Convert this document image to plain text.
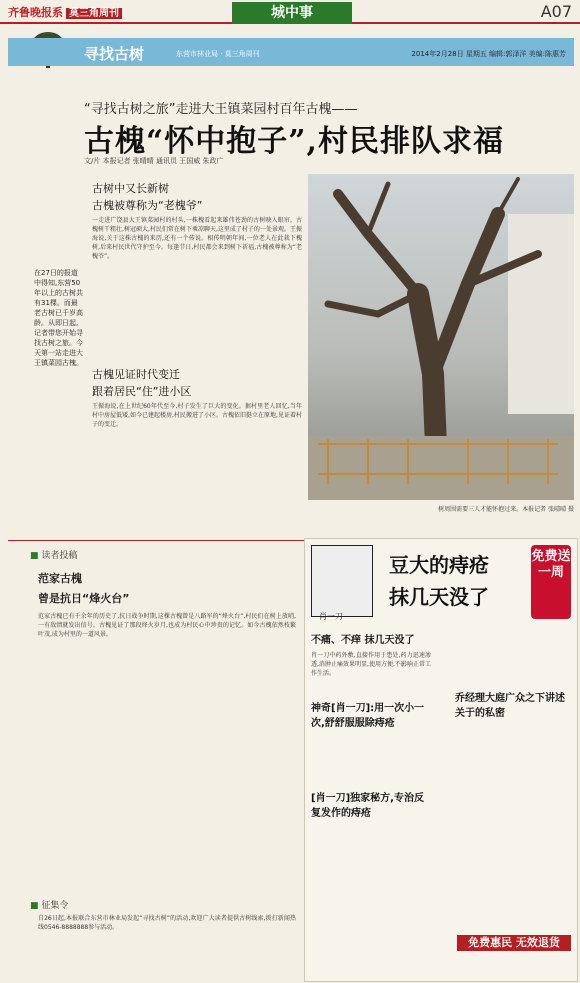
齐鲁晚报系 莫三角周刊	城中事	A07
寻找古树	东营市林业局 · 莫三角周刊	2014年2月28日 星期五 编辑:郭泽洋 美编:陈惠芳
“寻找古树之旅”走进大王镇菜园村百年古槐——
古槐“怀中抱子”,村民排队求福
文/片 本报记者 张晴晴 通讯员 王国威 朱政广
在27日的报道中得知,东营50年以上的古树共有31棵。而最老古树已千岁高龄。从即日起,记者带您开始寻找古树之旅。今天第一站走进大王镇菜园古槐。
古树中又长新树
古槐被尊称为“老槐爷”
一走进广饶县大王镇菜园村的村头,一株槐看起来雄伟苍劲的古树映入眼帘。古槐树干粗壮,树冠硕大,村民们常在树下乘凉聊天,这里成了村子的一处景观。王振海说,关于这株古槐的来历,还有一个传说。相传明朝年间,一位老人在此栽下槐树,后来村民世代守护至今。每逢节日,村民都会来到树下祈福,古槐被尊称为“老槐爷”。
古槐见证时代变迁
跟着居民“住”进小区
王振海说,在上世纪60年代至今,村子发生了巨大的变化。据村里老人回忆,当年村中房屋低矮,如今已建起楼房,村民搬进了小区。古槐依旧挺立在原地,见证着村子的变迁。
树周围需要三人才能怀抱过来。本报记者 张晴晴 摄
■ 读者投稿
范家古槐
曾是抗日“烽火台”
范家古槐已有千余年的历史了,抗日战争时期,这棵古槐曾是八路军的“烽火台”,村民们在树上放哨,一有敌情就发出信号。古槐见证了那段烽火岁月,也成为村民心中珍贵的记忆。如今古槐依然枝繁叶茂,成为村里的一道风景。
■ 征集令
自26日起,本报联合东营市林业局发起“寻找古树”的活动,欢迎广大读者提供古树线索,拨打新闻热线0546-8888888参与活动。
肖一刀
豆大的痔疮
抹几天没了
免费送一周
不痛、不痒 抹几天没了
肖一刀中药外敷,直接作用于患处,药力迅速渗透,消肿止痛效果明显,使用方便,不影响正常工作生活。
神奇[肖一刀]:用一次小一次,舒舒服服除痔疮
[肖一刀]独家秘方,专治反复发作的痔疮
乔经理大庭广众之下讲述关于的私密
免费惠民 无效退货
